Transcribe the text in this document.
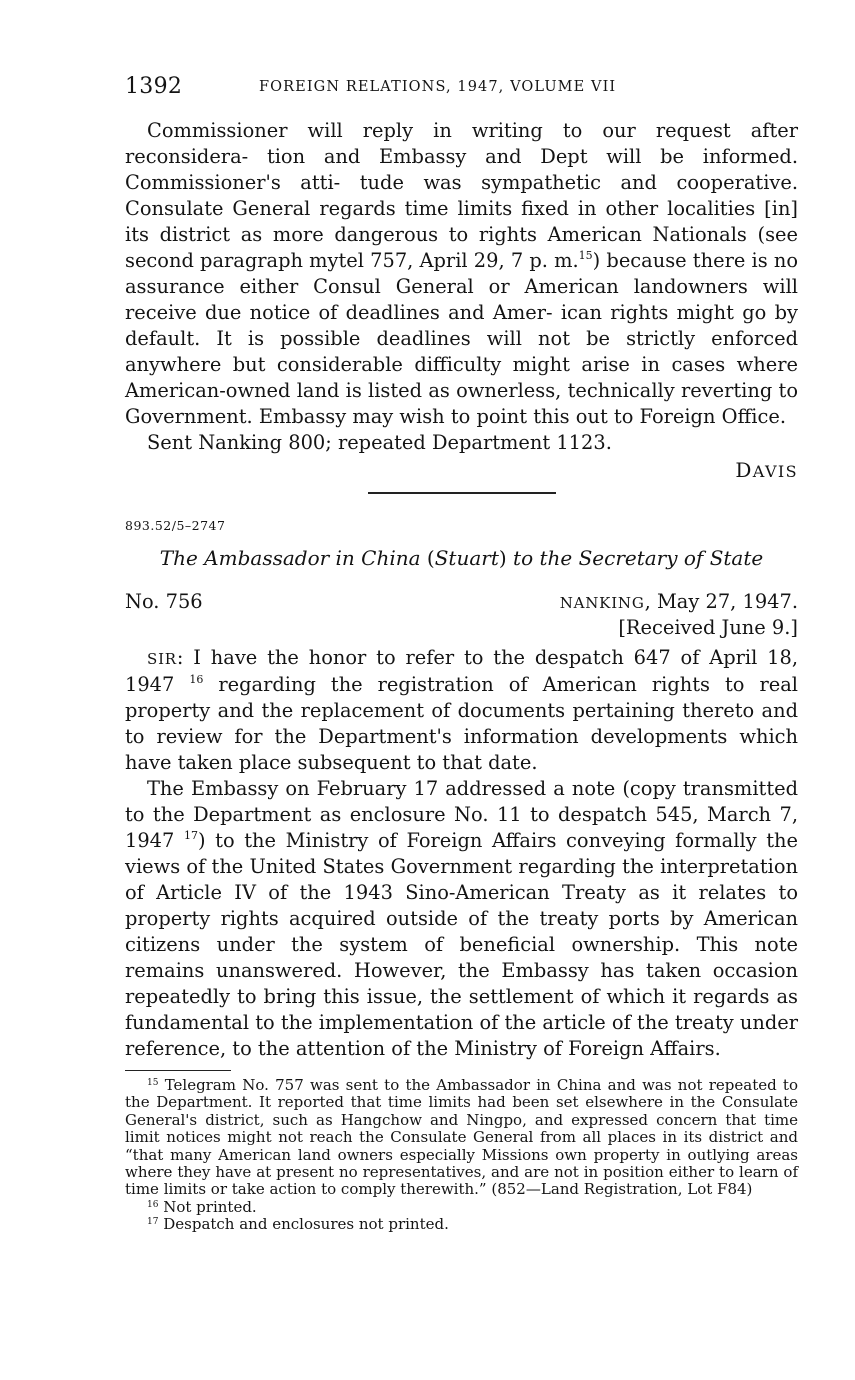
1392	FOREIGN RELATIONS, 1947, VOLUME VII

Commissioner will reply in writing to our request after reconsidera- tion and Embassy and Dept will be informed. Commissioner's atti- tude was sympathetic and cooperative. Consulate General regards time limits fixed in other localities [in] its district as more dangerous to rights American Nationals (see second paragraph mytel 757, April 29, 7 p. m.$^{15}$) because there is no assurance either Consul General or American landowners will receive due notice of deadlines and Amer- ican rights might go by default. It is possible deadlines will not be strictly enforced anywhere but considerable difficulty might arise in cases where American-owned land is listed as ownerless, technically reverting to Government. Embassy may wish to point this out to Foreign Office.

Sent Nanking 800; repeated Department 1123.

DAVIS
893.52/5–2747
The Ambassador in China (Stuart) to the Secretary of State
No. 756	NANKING, May 27, 1947.
[Received June 9.]

SIR: I have the honor to refer to the despatch 647 of April 18, 1947 $^{16}$ regarding the registration of American rights to real property and the replacement of documents pertaining thereto and to review for the Department's information developments which have taken place subsequent to that date.

The Embassy on February 17 addressed a note (copy transmitted to the Department as enclosure No. 11 to despatch 545, March 7, 1947 $^{17}$) to the Ministry of Foreign Affairs conveying formally the views of the United States Government regarding the interpretation of Article IV of the 1943 Sino-American Treaty as it relates to property rights acquired outside of the treaty ports by American citizens under the system of beneficial ownership. This note remains unanswered. However, the Embassy has taken occasion repeatedly to bring this issue, the settlement of which it regards as fundamental to the implementation of the article of the treaty under reference, to the attention of the Ministry of Foreign Affairs.

$^{15}$ Telegram No. 757 was sent to the Ambassador in China and was not repeated to the Department. It reported that time limits had been set elsewhere in the Consulate General's district, such as Hangchow and Ningpo, and expressed concern that time limit notices might not reach the Consulate General from all places in its district and “that many American land owners especially Missions own property in outlying areas where they have at present no representatives, and are not in position either to learn of time limits or take action to comply therewith.” (852—Land Registration, Lot F84)

$^{16}$ Not printed.

$^{17}$ Despatch and enclosures not printed.
